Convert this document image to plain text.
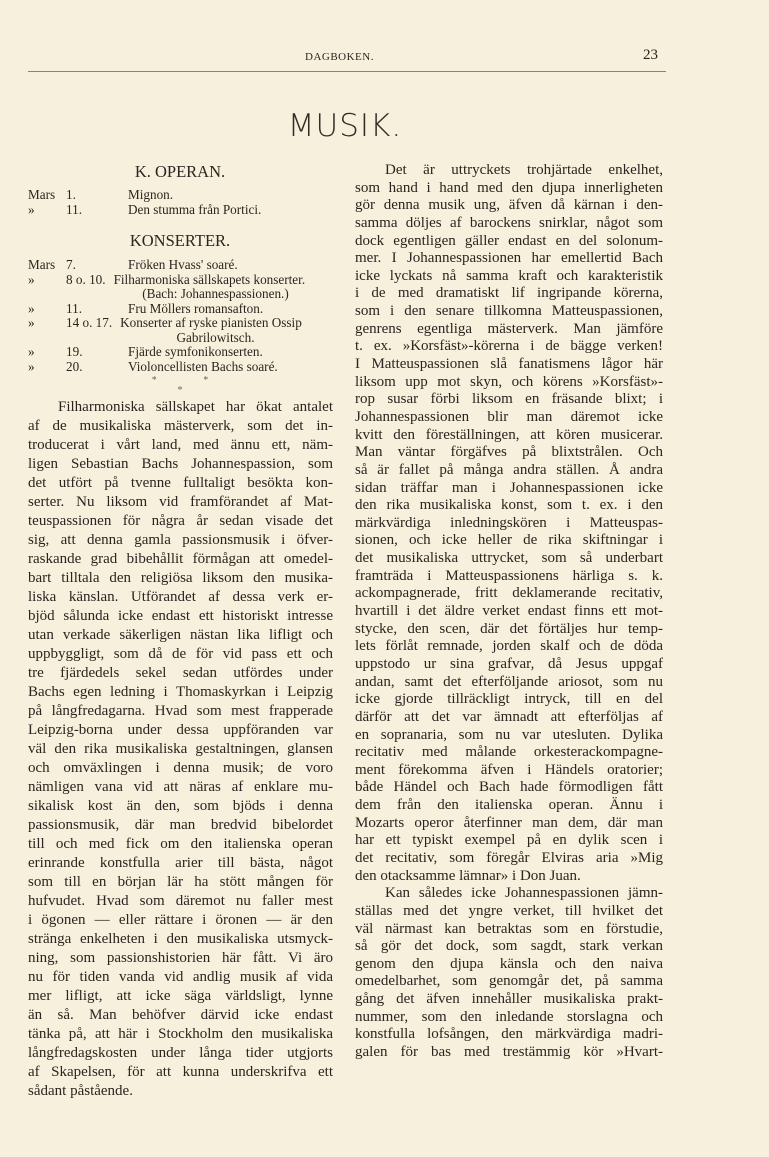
DAGBOKEN.	23
MUSIK.
K. OPERAN.
Mars 1.	Mignon.
»	11.	Den stumma från Portici.
KONSERTER.
Mars 7.	Fröken Hvass' soaré.
»	8 o. 10. Filharmoniska sällskapets konserter.
(Bach: Johannespassionen.)
»	11.	Fru Möllers romansafton.
»	14 o. 17. Konserter af ryske pianisten Ossip
Gabrilowitsch.
»	19.	Fjärde symfonikonserten.
»	20.	Violoncellisten Bachs soaré.
* *
*
Filharmoniska sällskapet har ökat antalet
af de musikaliska mästerverk, som det in-
troducerat i vårt land, med ännu ett, näm-
ligen Sebastian Bachs Johannespassion, som
det utfört på tvenne fulltaligt besökta kon-
serter. Nu liksom vid framförandet af Mat-
teuspassionen för några år sedan visade det
sig, att denna gamla passionsmusik i öfver-
raskande grad bibehållit förmågan att omedel-
bart tilltala den religiösa liksom den musika-
liska känslan. Utförandet af dessa verk er-
bjöd sålunda icke endast ett historiskt intresse
utan verkade säkerligen nästan lika lifligt och
uppbyggligt, som då de för vid pass ett och
tre fjärdedels sekel sedan utfördes under
Bachs egen ledning i Thomaskyrkan i Leipzig
på långfredagarna. Hvad som mest frapperade
Leipzig-borna under dessa uppföranden var
väl den rika musikaliska gestaltningen, glansen
och omväxlingen i denna musik; de voro
nämligen vana vid att näras af enklare mu-
sikalisk kost än den, som bjöds i denna
passionsmusik, där man bredvid bibelordet
till och med fick om den italienska operan
erinrande konstfulla arier till bästa, något
som till en början lär ha stött mången för
hufvudet. Hvad som däremot nu faller mest
i ögonen — eller rättare i öronen — är den
stränga enkelheten i den musikaliska utsmyck-
ning, som passionshistorien här fått. Vi äro
nu för tiden vanda vid andlig musik af vida
mer lifligt, att icke säga världsligt, lynne
än så. Man behöfver därvid icke endast
tänka på, att här i Stockholm den musikaliska
långfredagskosten under långa tider utgjorts
af Skapelsen, för att kunna underskrifva ett
sådant påstående.
Det är uttryckets trohjärtade enkelhet,
som hand i hand med den djupa innerligheten
gör denna musik ung, äfven då kärnan i den-
samma döljes af barockens snirklar, något som
dock egentligen gäller endast en del solonum-
mer. I Johannespassionen har emellertid Bach
icke lyckats nå samma kraft och karakteristik
i de med dramatiskt lif ingripande körerna,
som i den senare tillkomna Matteuspassionen,
genrens egentliga mästerverk. Man jämföre
t. ex. »Korsfäst»-körerna i de bägge verken!
I Matteuspassionen slå fanatismens lågor här
liksom upp mot skyn, och körens »Korsfäst»-
rop susar förbi liksom en fräsande blixt; i
Johannespassionen blir man däremot icke
kvitt den föreställningen, att kören musicerar.
Man väntar förgäfves på blixtstrålen. Och
så är fallet på många andra ställen. Å andra
sidan träffar man i Johannespassionen icke
den rika musikaliska konst, som t. ex. i den
märkvärdiga inledningskören i Matteuspas-
sionen, och icke heller de rika skiftningar i
det musikaliska uttrycket, som så underbart
framträda i Matteuspassionens härliga s. k.
ackompagnerade, fritt deklamerande recitativ,
hvartill i det äldre verket endast finns ett mot-
stycke, den scen, där det förtäljes hur temp-
lets förlåt remnade, jorden skalf och de döda
uppstodo ur sina grafvar, då Jesus uppgaf
andan, samt det efterföljande ariosot, som nu
icke gjorde tillräckligt intryck, till en del
därför att det var ämnadt att efterföljas af
en sopranaria, som nu var utesluten. Dylika
recitativ med målande orkesterackompagne-
ment förekomma äfven i Händels oratorier;
både Händel och Bach hade förmodligen fått
dem från den italienska operan. Ännu i
Mozarts operor återfinner man dem, där man
har ett typiskt exempel på en dylik scen i
det recitativ, som föregår Elviras aria »Mig
den otacksamme lämnar» i Don Juan.
Kan således icke Johannespassionen jämn-
ställas med det yngre verket, till hvilket det
väl närmast kan betraktas som en förstudie,
så gör det dock, som sagdt, stark verkan
genom den djupa känsla och den naiva
omedelbarhet, som genomgår det, på samma
gång det äfven innehåller musikaliska prakt-
nummer, som den inledande storslagna och
konstfulla lofsången, den märkvärdiga madri-
galen för bas med trestämmig kör »Hvart-
